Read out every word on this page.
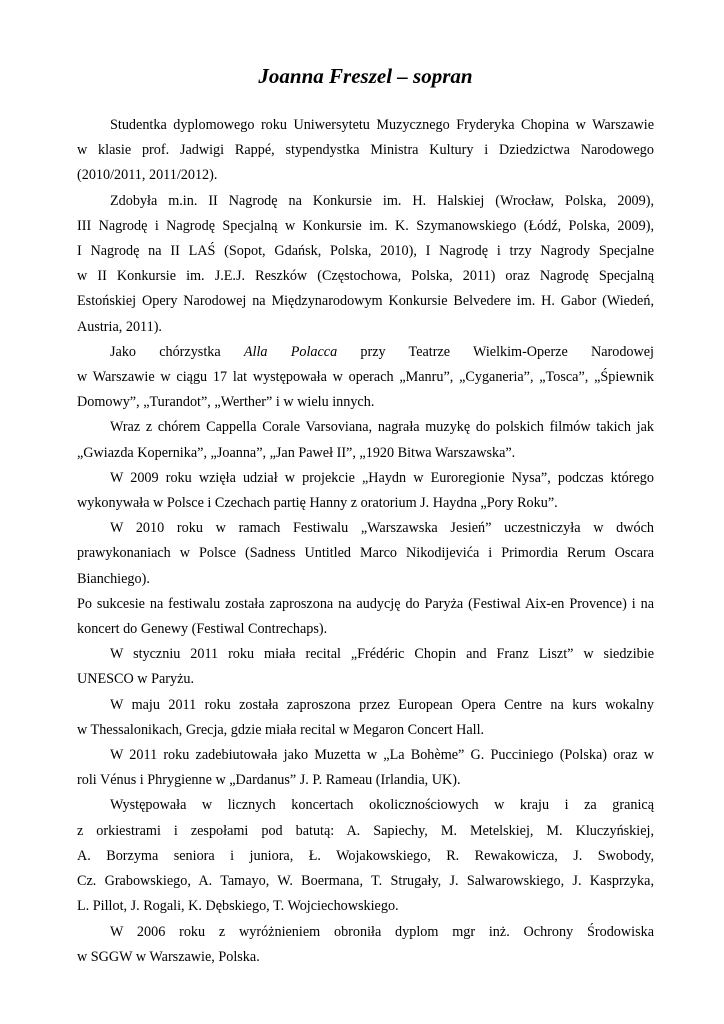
Joanna Freszel – sopran
Studentka dyplomowego roku Uniwersytetu Muzycznego Fryderyka Chopina w Warszawie
w klasie prof. Jadwigi Rappé, stypendystka Ministra Kultury i Dziedzictwa Narodowego
(2010/2011, 2011/2012).
Zdobyła m.in. II Nagrodę na Konkursie im. H. Halskiej (Wrocław, Polska, 2009),
III Nagrodę i Nagrodę Specjalną w Konkursie im. K. Szymanowskiego (Łódź, Polska, 2009),
I Nagrodę na II LAŚ (Sopot, Gdańsk, Polska, 2010), I Nagrodę i trzy Nagrody Specjalne
w II Konkursie im. J.E.J. Reszków (Częstochowa, Polska, 2011) oraz Nagrodę Specjalną
Estońskiej Opery Narodowej na Międzynarodowym Konkursie Belvedere im. H. Gabor (Wiedeń,
Austria, 2011).
Jako chórzystka Alla Polacca przy Teatrze Wielkim-Operze Narodowej
w Warszawie w ciągu 17 lat występowała w operach „Manru”, „Cyganeria”, „Tosca”, „Śpiewnik
Domowy”, „Turandot”, „Werther” i w wielu innych.
Wraz z chórem Cappella Corale Varsoviana, nagrała muzykę do polskich filmów takich jak
„Gwiazda Kopernika”, „Joanna”, „Jan Paweł II”, „1920 Bitwa Warszawska”.
W 2009 roku wzięła udział w projekcie „Haydn w Euroregionie Nysa”, podczas którego
wykonywała w Polsce i Czechach partię Hanny z oratorium J. Haydna „Pory Roku”.
W 2010 roku w ramach Festiwalu „Warszawska Jesień” uczestniczyła w dwóch
prawykonaniach w Polsce (Sadness Untitled Marco Nikodijevića i Primordia Rerum Oscara
Bianchiego).
Po sukcesie na festiwalu została zaproszona na audycję do Paryża (Festiwal Aix-en Provence) i na
koncert do Genewy (Festiwal Contrechaps).
W styczniu 2011 roku miała recital „Frédéric Chopin and Franz Liszt” w siedzibie
UNESCO w Paryżu.
W maju 2011 roku została zaproszona przez European Opera Centre na kurs wokalny
w Thessalonikach, Grecja, gdzie miała recital w Megaron Concert Hall.
W 2011 roku zadebiutowała jako Muzetta w „La Bohème” G. Pucciniego (Polska) oraz w
roli Vénus i Phrygienne w „Dardanus” J. P. Rameau (Irlandia, UK).
Występowała w licznych koncertach okolicznościowych w kraju i za granicą
z orkiestrami i zespołami pod batutą: A. Sapiechy, M. Metelskiej, M. Kluczyńskiej,
A. Borzyma seniora i juniora, Ł. Wojakowskiego, R. Rewakowicza, J. Swobody,
Cz. Grabowskiego, A. Tamayo, W. Boermana, T. Strugały, J. Salwarowskiego, J. Kasprzyka,
L. Pillot, J. Rogali, K. Dębskiego, T. Wojciechowskiego.
W 2006 roku z wyróżnieniem obroniła dyplom mgr inż. Ochrony Środowiska
w SGGW w Warszawie, Polska.
